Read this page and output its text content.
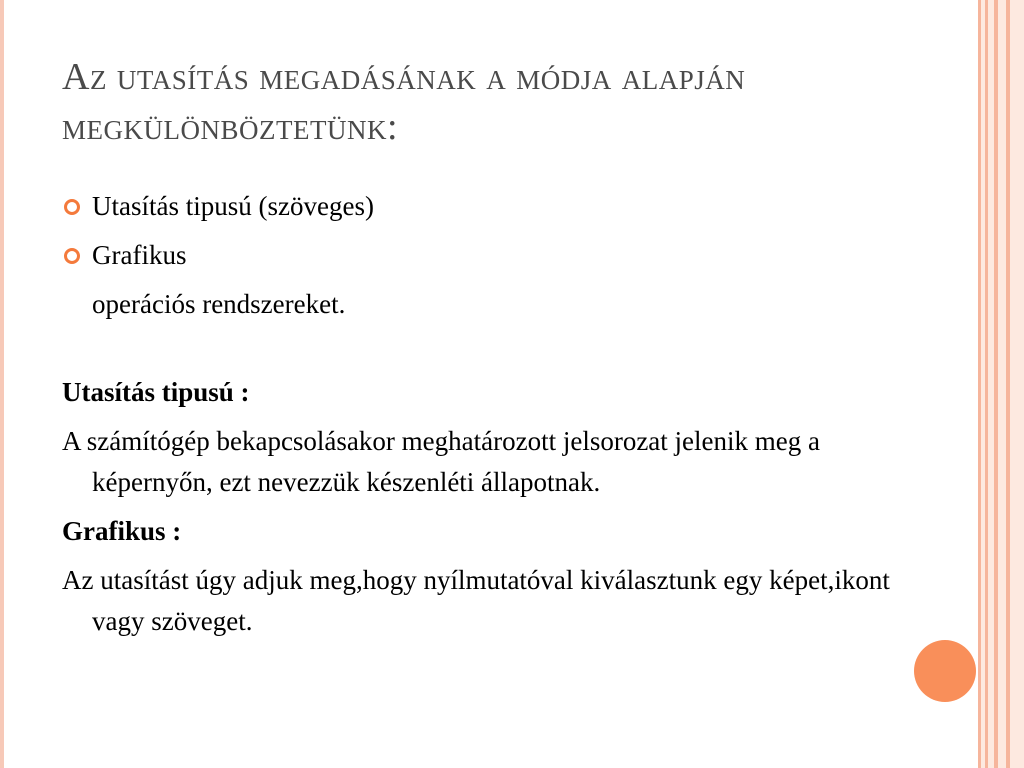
Az utasítás megadásának a módja alapján megkülönböztetünk:
Utasítás tipusú (szöveges)
Grafikus
operációs rendszereket.
Utasítás tipusú :
A számítógép bekapcsolásakor meghatározott jelsorozat jelenik meg a képernyőn, ezt nevezzük készenléti állapotnak.
Grafikus :
Az utasítást úgy adjuk meg,hogy nyílmutatóval kiválasztunk egy képet,ikont vagy szöveget.
